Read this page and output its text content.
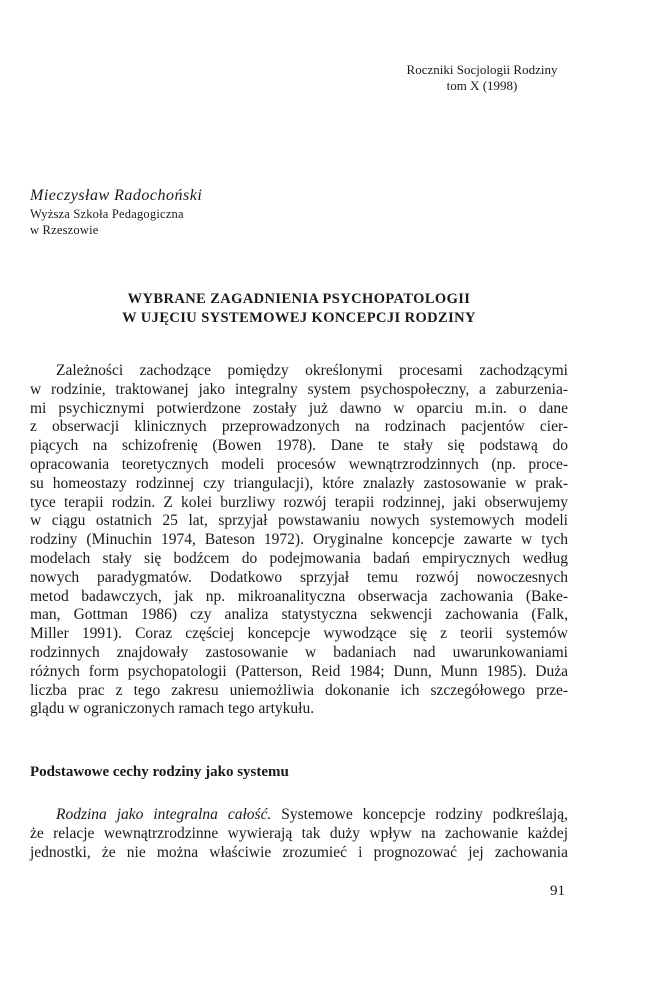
Roczniki Socjologii Rodziny
tom X (1998)
Mieczysław Radochoński
Wyższa Szkoła Pedagogiczna
w Rzeszowie
WYBRANE ZAGADNIENIA PSYCHOPATOLOGII
W UJĘCIU SYSTEMOWEJ KONCEPCJI RODZINY
Zależności zachodzące pomiędzy określonymi procesami zachodzącymi
w rodzinie, traktowanej jako integralny system psychospołeczny, a zaburzenia-
mi psychicznymi potwierdzone zostały już dawno w oparciu m.in. o dane
z obserwacji klinicznych przeprowadzonych na rodzinach pacjentów cier-
piących na schizofrenię (Bowen 1978). Dane te stały się podstawą do
opracowania teoretycznych modeli procesów wewnątrzrodzinnych (np. proce-
su homeostazy rodzinnej czy triangulacji), które znalazły zastosowanie w prak-
tyce terapii rodzin. Z kolei burzliwy rozwój terapii rodzinnej, jaki obserwujemy
w ciągu ostatnich 25 lat, sprzyjał powstawaniu nowych systemowych modeli
rodziny (Minuchin 1974, Bateson 1972). Oryginalne koncepcje zawarte w tych
modelach stały się bodźcem do podejmowania badań empirycznych według
nowych paradygmatów. Dodatkowo sprzyjał temu rozwój nowoczesnych
metod badawczych, jak np. mikroanalityczna obserwacja zachowania (Bake-
man, Gottman 1986) czy analiza statystyczna sekwencji zachowania (Falk,
Miller 1991). Coraz częściej koncepcje wywodzące się z teorii systemów
rodzinnych znajdowały zastosowanie w badaniach nad uwarunkowaniami
różnych form psychopatologii (Patterson, Reid 1984; Dunn, Munn 1985). Duża
liczba prac z tego zakresu uniemożliwia dokonanie ich szczegółowego prze-
glądu w ograniczonych ramach tego artykułu.
Podstawowe cechy rodziny jako systemu
Rodzina jako integralna całość. Systemowe koncepcje rodziny podkreślają,
że relacje wewnątrzrodzinne wywierają tak duży wpływ na zachowanie każdej
jednostki, że nie można właściwie zrozumieć i prognozować jej zachowania
91
